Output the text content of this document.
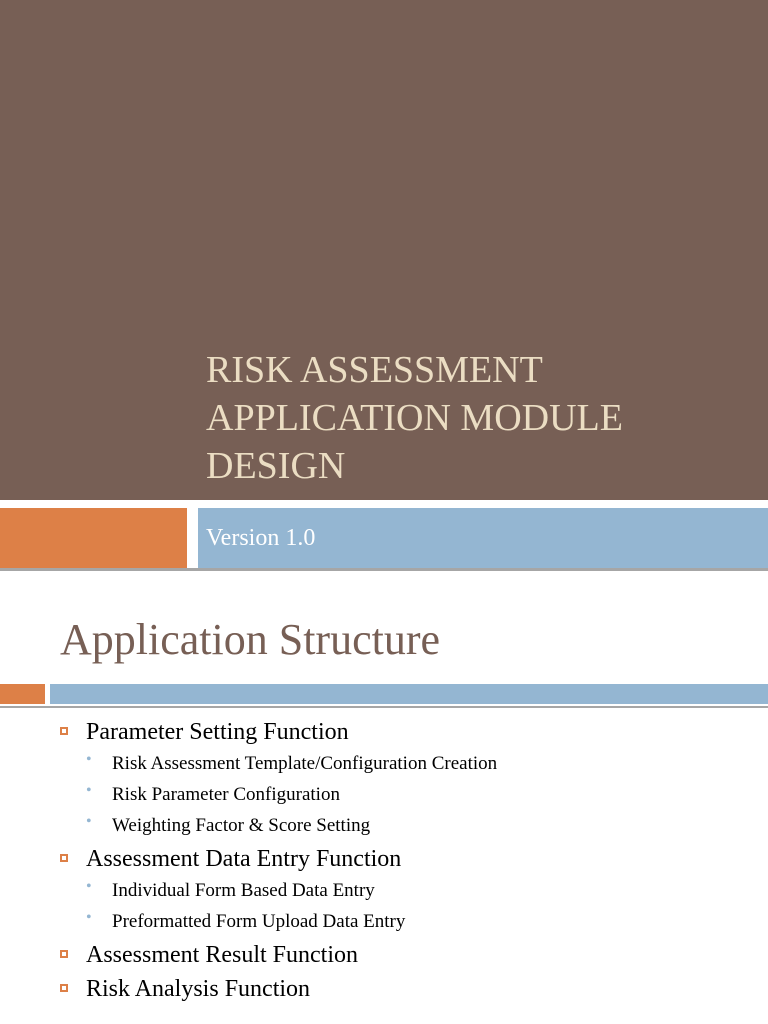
RISK ASSESSMENT
APPLICATION MODULE
DESIGN
Version 1.0
Application Structure
Parameter Setting Function
• Risk Assessment Template/Configuration Creation
• Risk Parameter Configuration
• Weighting Factor & Score Setting
Assessment Data Entry Function
• Individual Form Based Data Entry
• Preformatted Form Upload Data Entry
Assessment Result Function
Risk Analysis Function
